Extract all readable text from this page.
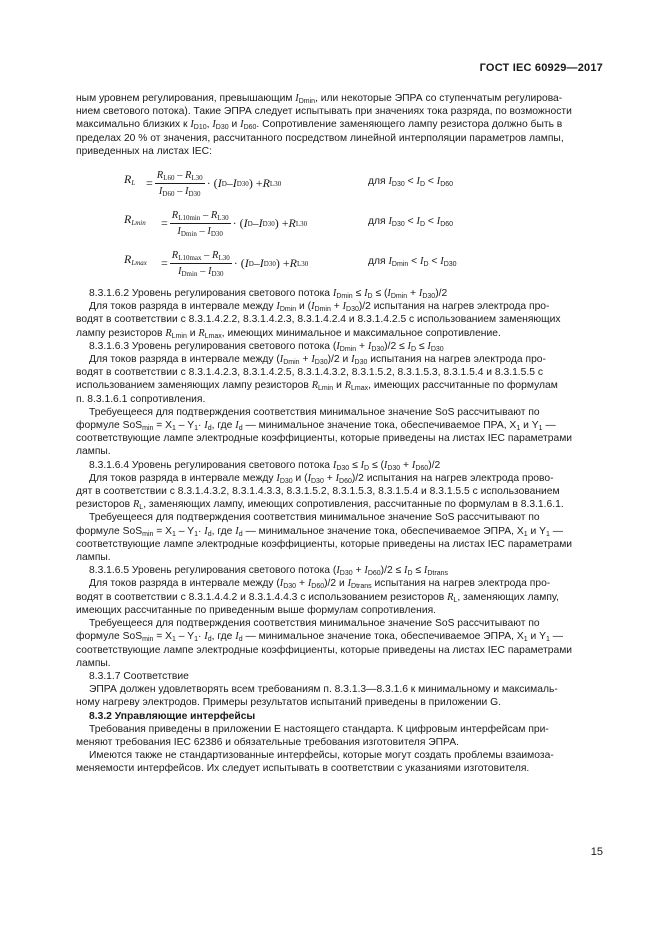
ГОСТ IEC 60929—2017

ным уровнем регулирования, превышающим $I_{Dmin}$, или некоторые ЭПРА со ступенчатым регулирова-

нием светового потока). Такие ЭПРА следует испытывать при значениях тока разряда, по возможности

максимально близких к $I_{D10}$, $I_{D30}$ и $I_{D60}$. Сопротивление заменяющего лампу резистора должно быть в

пределах 20 % от значения, рассчитанного посредством линейной интерполяции параметров лампы,

приведенных на листах IEC:

$R_L = \frac{R_{L60} - R_{L30}}{I_{D60} - I_{D30}}$ · ( I D – I D30 ) + R L30	для $I_{D30} < I_D < I_{D60}$
$R_{Lmin} = \frac{R_{L10min} - R_{L30}}{I_{Dmin} - I_{D30}}$ · ( I D – I D30 ) + R L30	для $I_{D30} < I_D < I_{D60}$
$R_{Lmax} = \frac{R_{L10max} - R_{L30}}{I_{Dmin} - I_{D30}}$ · ( I D – I D30 ) + R L30	для $I_{Dmin} < I_D < I_{D30}$

8.3.1.6.2 Уровень регулирования светового потока $I_{Dmin} \le I_D \le (I_{Dmin} + I_{D30})/2$

Для токов разряда в интервале между $I_{Dmin}$ и $(I_{Dmin} + I_{D30})/2$ испытания на нагрев электрода про-

водят в соответствии с 8.3.1.4.2.2, 8.3.1.4.2.3, 8.3.1.4.2.4 и 8.3.1.4.2.5 с использованием заменяющих

лампу резисторов $R_{Lmin}$ и $R_{Lmax}$, имеющих минимальное и максимальное сопротивление.

8.3.1.6.3 Уровень регулирования светового потока $(I_{Dmin} + I_{D30})/2 \le I_D \le I_{D30}$

Для токов разряда в интервале между $(I_{Dmin} + I_{D30})/2$ и $I_{D30}$ испытания на нагрев электрода про-

водят в соответствии с 8.3.1.4.2.3, 8.3.1.4.2.5, 8.3.1.4.3.2, 8.3.1.5.2, 8.3.1.5.3, 8.3.1.5.4 и 8.3.1.5.5 с

использованием заменяющих лампу резисторов $R_{Lmin}$ и $R_{Lmax}$, имеющих рассчитанные по формулам

п. 8.3.1.6.1 сопротивления.

Требуещееся для подтверждения соответствия минимальное значение SoS рассчитывают по

формуле $SoS_{min} = X_1 - Y_1\cdot I_d$, где $I_d$ — минимальное значение тока, обеспечиваемое ПРА, $X_1$ и $Y_1$ —

соответствующие лампе электродные коэффициенты, которые приведены на листах IEC параметрами

лампы.

8.3.1.6.4 Уровень регулирования светового потока $I_{D30} \le I_D \le (I_{D30} + I_{D60})/2$

Для токов разряда в интервале между $I_{D30}$ и $(I_{D30} + I_{D60})/2$ испытания на нагрев электрода прово-

дят в соответствии с 8.3.1.4.3.2, 8.3.1.4.3.3, 8.3.1.5.2, 8.3.1.5.3, 8.3.1.5.4 и 8.3.1.5.5 с использованием

резисторов $R_L$, заменяющих лампу, имеющих сопротивления, рассчитанные по формулам в 8.3.1.6.1.

Требуещееся для подтверждения соответствия минимальное значение SoS рассчитывают по

формуле $SoS_{min} = X_1 - Y_1\cdot I_d$, где $I_d$ — минимальное значение тока, обеспечиваемое ЭПРА, $X_1$ и $Y_1$ —

соответствующие лампе электродные коэффициенты, которые приведены на листах IEC параметрами

лампы.

8.3.1.6.5 Уровень регулирования светового потока $(I_{D30} + I_{D60})/2 \le I_D \le I_{Dtrans}$

Для токов разряда в интервале между $(I_{D30} + I_{D60})/2$ и $I_{Dtrans}$ испытания на нагрев электрода про-

водят в соответствии с 8.3.1.4.4.2 и 8.3.1.4.4.3 с использованием резисторов $R_L$, заменяющих лампу,

имеющих рассчитанные по приведенным выше формулам сопротивления.

Требуещееся для подтверждения соответствия минимальное значение SoS рассчитывают по

формуле $SoS_{min} = X_1 - Y_1\cdot I_d$, где $I_d$ — минимальное значение тока, обеспечиваемое ЭПРА, $X_1$ и $Y_1$ —

соответствующие лампе электродные коэффициенты, которые приведены на листах IEC параметрами

лампы.

8.3.1.7 Соответствие

ЭПРА должен удовлетворять всем требованиям п. 8.3.1.3—8.3.1.6 к минимальному и максималь-

ному нагреву электродов. Примеры результатов испытаний приведены в приложении G.

8.3.2 Управляющие интерфейсы

Требования приведены в приложении Е настоящего стандарта. К цифровым интерфейсам при-

меняют требования IEC 62386 и обязательные требования изготовителя ЭПРА.

Имеются также не стандартизованные интерфейсы, которые могут создать проблемы взаимоза-

меняемости интерфейсов. Их следует испытывать в соответствии с указаниями изготовителя.

15
